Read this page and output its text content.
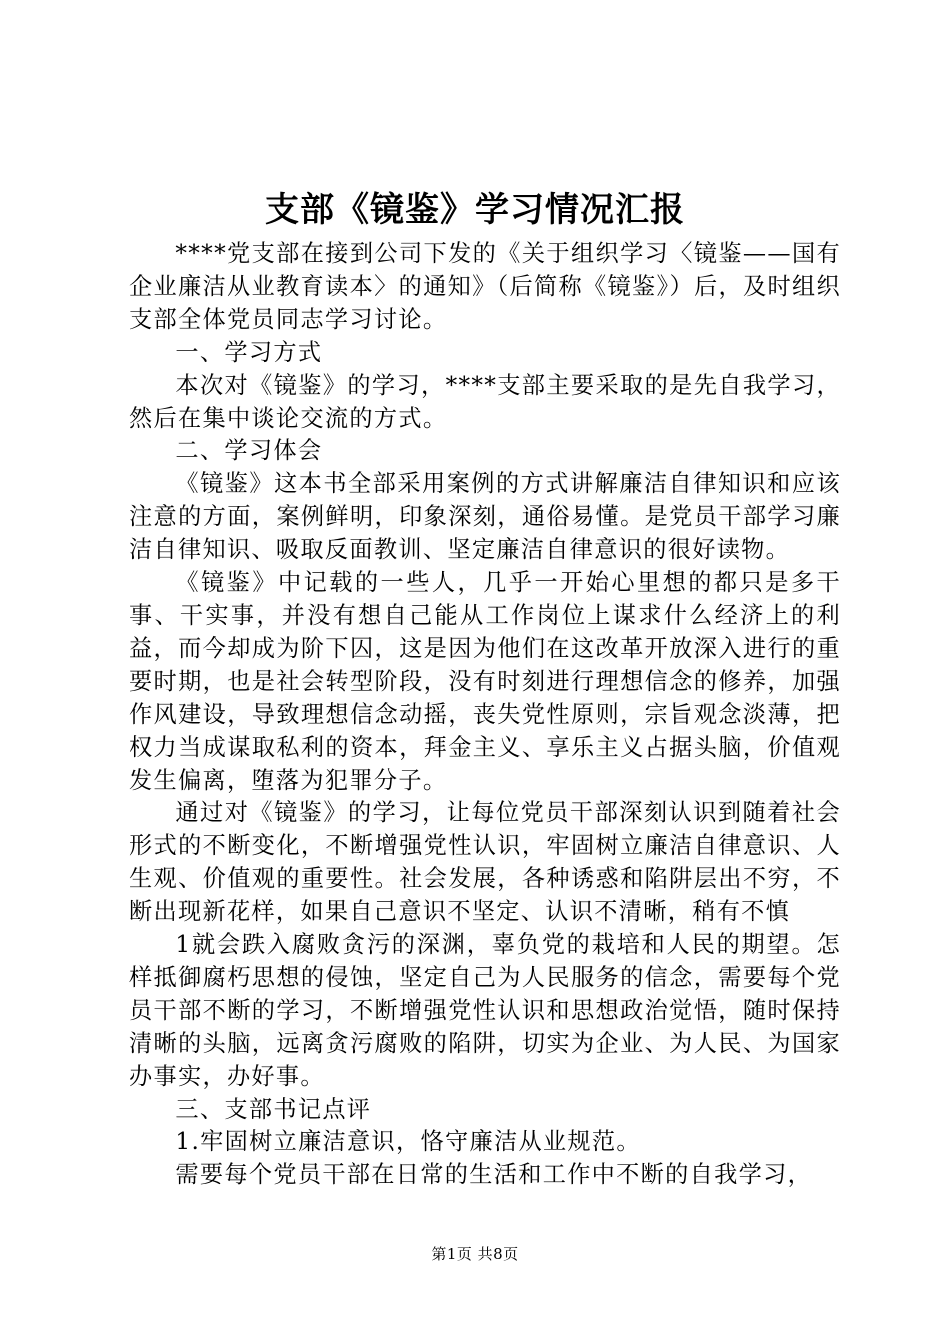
支部《镜鉴》学习情况汇报

****党支部在接到公司下发的《关于组织学习〈镜鉴——国有企业廉洁从业教育读本〉的通知》（后简称《镜鉴》）后，及时组织支部全体党员同志学习讨论。

一、学习方式

本次对《镜鉴》的学习，****支部主要采取的是先自我学习，然后在集中谈论交流的方式。

二、学习体会

《镜鉴》这本书全部采用案例的方式讲解廉洁自律知识和应该注意的方面，案例鲜明，印象深刻，通俗易懂。是党员干部学习廉洁自律知识、吸取反面教训、坚定廉洁自律意识的很好读物。

《镜鉴》中记载的一些人，几乎一开始心里想的都只是多干事、干实事，并没有想自己能从工作岗位上谋求什么经济上的利益，而今却成为阶下囚，这是因为他们在这改革开放深入进行的重要时期，也是社会转型阶段，没有时刻进行理想信念的修养，加强作风建设，导致理想信念动摇，丧失党性原则，宗旨观念淡薄，把权力当成谋取私利的资本，拜金主义、享乐主义占据头脑，价值观发生偏离，堕落为犯罪分子。

通过对《镜鉴》的学习，让每位党员干部深刻认识到随着社会形式的不断变化，不断增强党性认识，牢固树立廉洁自律意识、人生观、价值观的重要性。社会发展，各种诱惑和陷阱层出不穷，不断出现新花样，如果自己意识不坚定、认识不清晰，稍有不慎

1就会跌入腐败贪污的深渊，辜负党的栽培和人民的期望。怎样抵御腐朽思想的侵蚀，坚定自己为人民服务的信念，需要每个党员干部不断的学习，不断增强党性认识和思想政治觉悟，随时保持清晰的头脑，远离贪污腐败的陷阱，切实为企业、为人民、为国家办事实，办好事。

三、支部书记点评

1.牢固树立廉洁意识，恪守廉洁从业规范。

需要每个党员干部在日常的生活和工作中不断的自我学习，

第1页 共8页
